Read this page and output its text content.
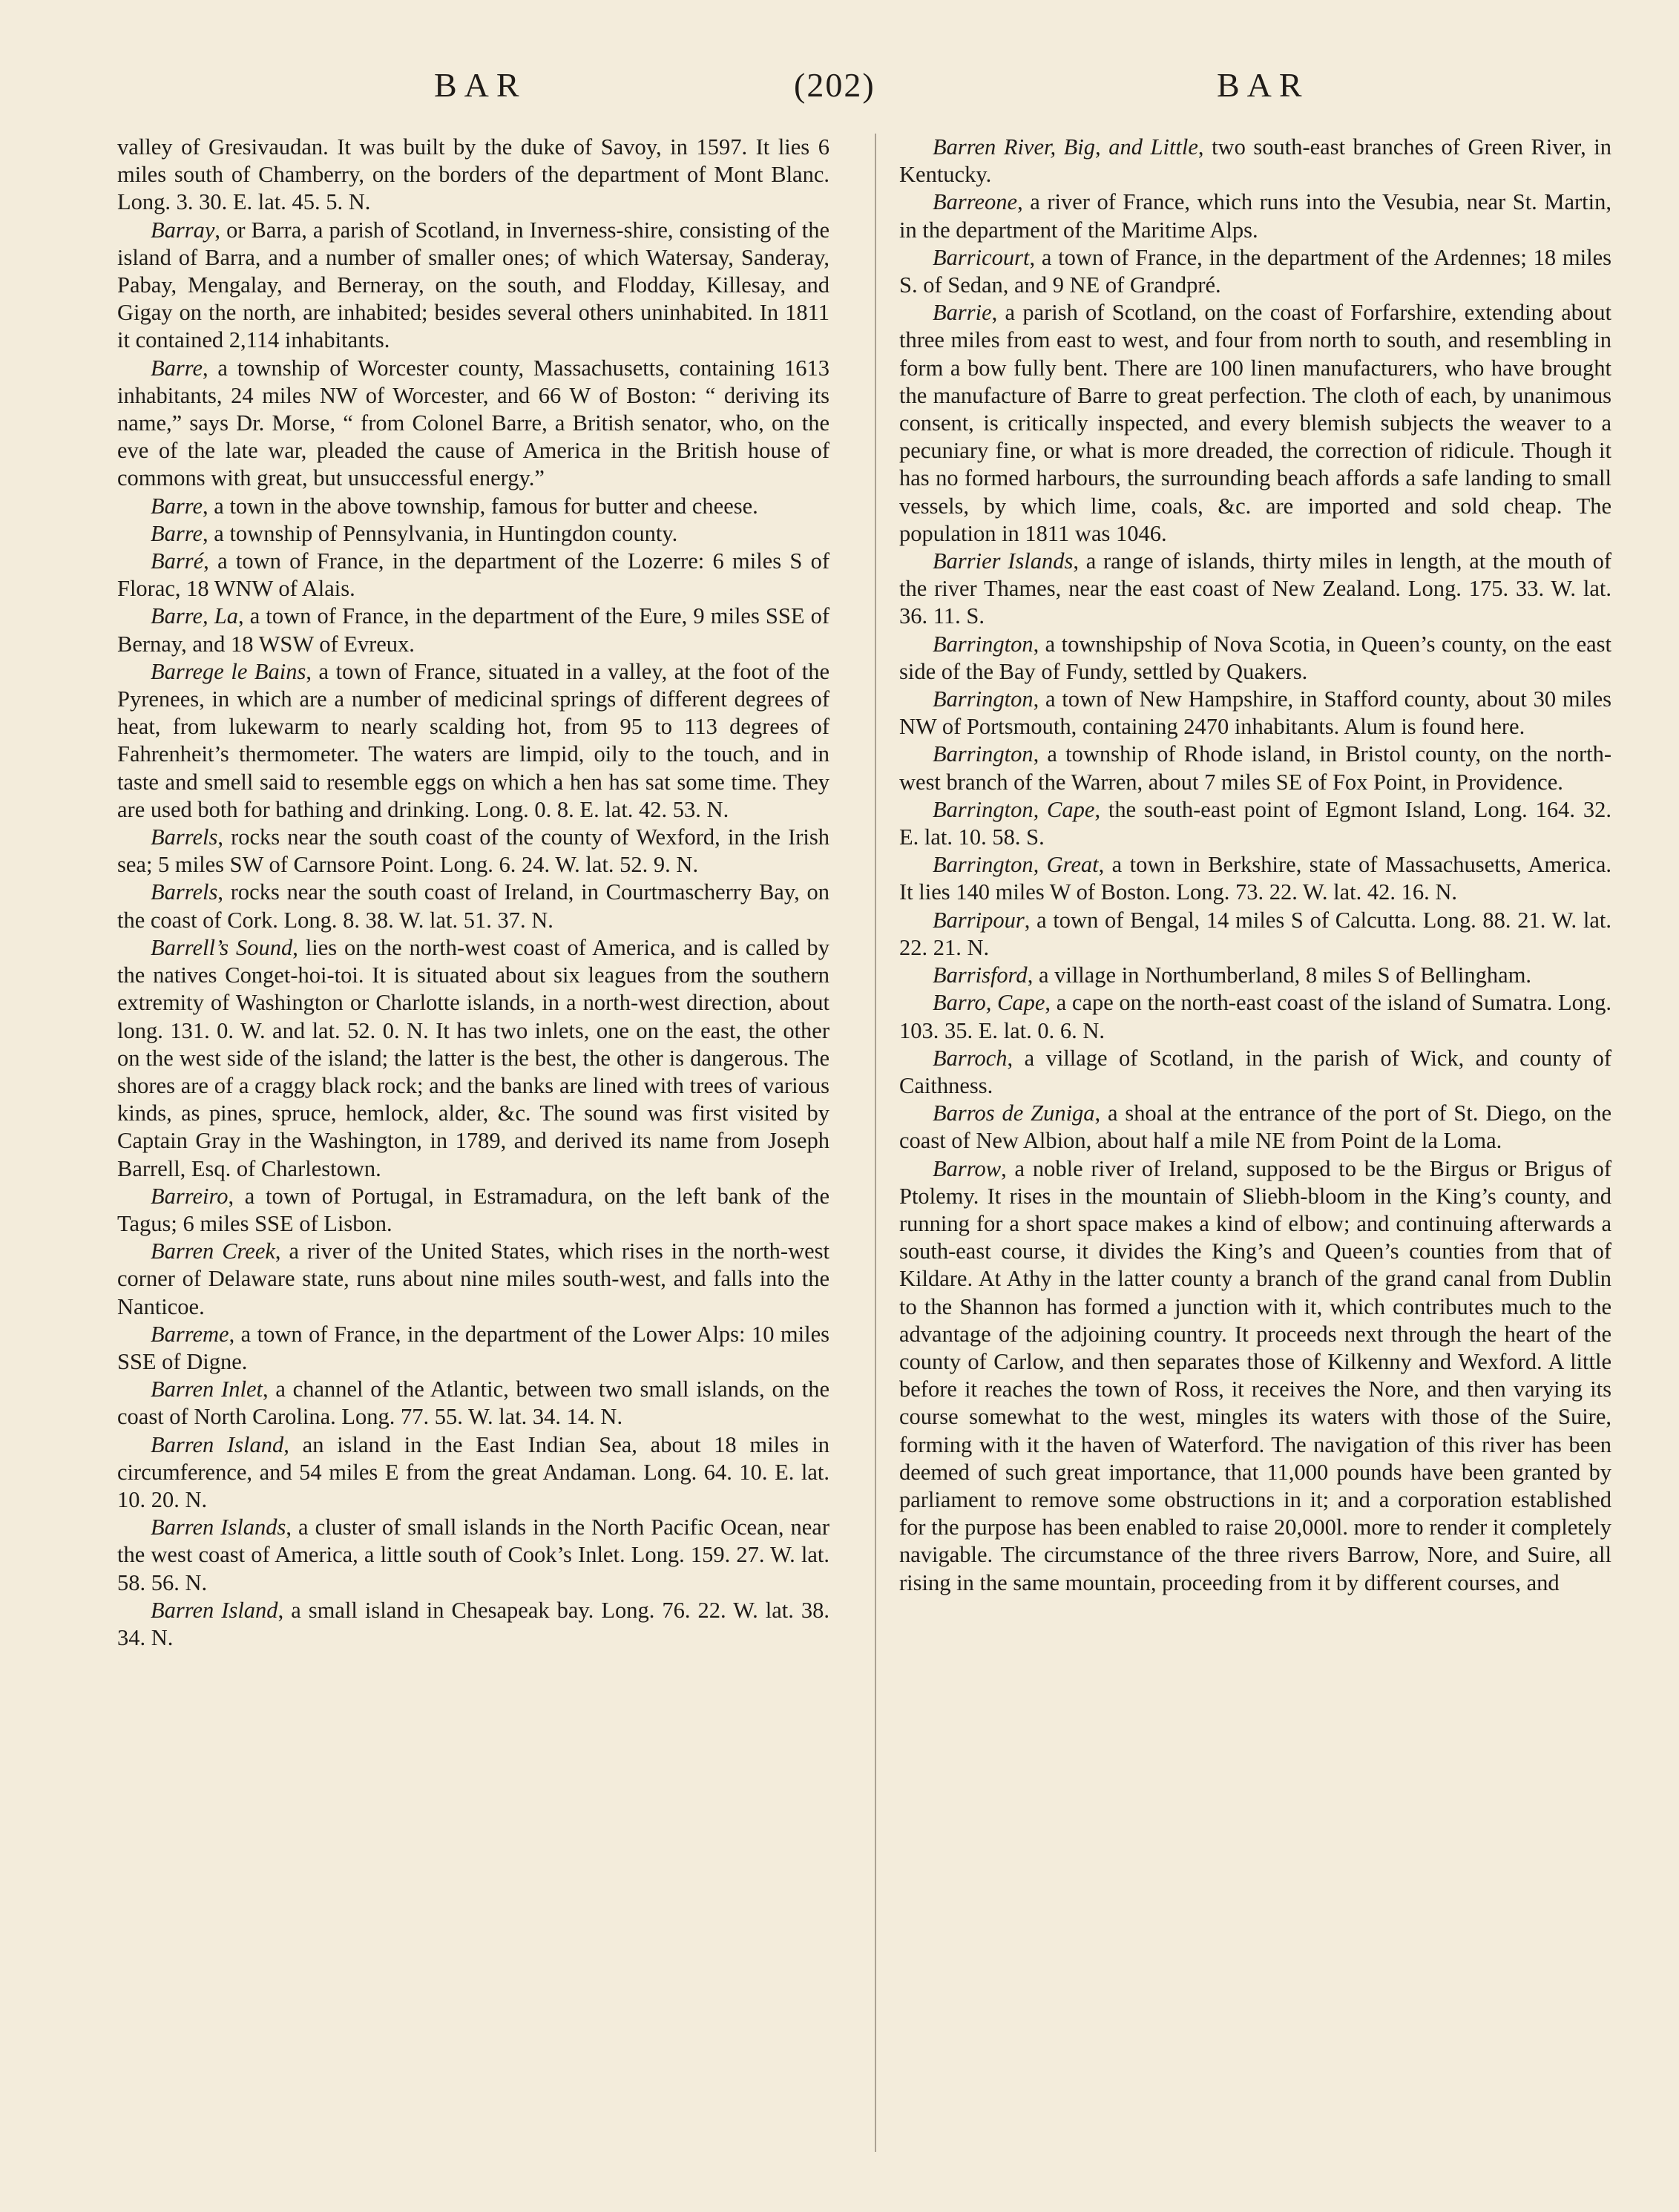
BAR	(202)	BAR

valley of Gresivaudan. It was built by the duke of Savoy, in 1597. It lies 6 miles south of Chamberry, on the borders of the department of Mont Blanc. Long. 3. 30. E. lat. 45. 5. N.

Barray, or Barra, a parish of Scotland, in Inverness-shire, consisting of the island of Barra, and a number of smaller ones; of which Watersay, Sanderay, Pabay, Mengalay, and Berneray, on the south, and Flodday, Killesay, and Gigay on the north, are inhabited; besides several others uninhabited. In 1811 it contained 2,114 inhabitants.

Barre, a township of Worcester county, Massachusetts, containing 1613 inhabitants, 24 miles NW of Worcester, and 66 W of Boston: “ deriving its name,” says Dr. Morse, “ from Colonel Barre, a British senator, who, on the eve of the late war, pleaded the cause of America in the British house of commons with great, but unsuccessful energy.”

Barre, a town in the above township, famous for butter and cheese.

Barre, a township of Pennsylvania, in Huntingdon county.

Barré, a town of France, in the department of the Lozerre: 6 miles S of Florac, 18 WNW of Alais.

Barre, La, a town of France, in the department of the Eure, 9 miles SSE of Bernay, and 18 WSW of Evreux.

Barrege le Bains, a town of France, situated in a valley, at the foot of the Pyrenees, in which are a number of medicinal springs of different degrees of heat, from lukewarm to nearly scalding hot, from 95 to 113 degrees of Fahrenheit’s thermometer. The waters are limpid, oily to the touch, and in taste and smell said to resemble eggs on which a hen has sat some time. They are used both for bathing and drinking. Long. 0. 8. E. lat. 42. 53. N.

Barrels, rocks near the south coast of the county of Wexford, in the Irish sea; 5 miles SW of Carnsore Point. Long. 6. 24. W. lat. 52. 9. N.

Barrels, rocks near the south coast of Ireland, in Courtmascherry Bay, on the coast of Cork. Long. 8. 38. W. lat. 51. 37. N.

Barrell’s Sound, lies on the north-west coast of America, and is called by the natives Conget-hoi-toi. It is situated about six leagues from the southern extremity of Washington or Charlotte islands, in a north-west direction, about long. 131. 0. W. and lat. 52. 0. N. It has two inlets, one on the east, the other on the west side of the island; the latter is the best, the other is dangerous. The shores are of a craggy black rock; and the banks are lined with trees of various kinds, as pines, spruce, hemlock, alder, &c. The sound was first visited by Captain Gray in the Washington, in 1789, and derived its name from Joseph Barrell, Esq. of Charlestown.

Barreiro, a town of Portugal, in Estramadura, on the left bank of the Tagus; 6 miles SSE of Lisbon.

Barren Creek, a river of the United States, which rises in the north-west corner of Delaware state, runs about nine miles south-west, and falls into the Nanticoe.

Barreme, a town of France, in the department of the Lower Alps: 10 miles SSE of Digne.

Barren Inlet, a channel of the Atlantic, between two small islands, on the coast of North Carolina. Long. 77. 55. W. lat. 34. 14. N.

Barren Island, an island in the East Indian Sea, about 18 miles in circumference, and 54 miles E from the great Andaman. Long. 64. 10. E. lat. 10. 20. N.

Barren Islands, a cluster of small islands in the North Pacific Ocean, near the west coast of America, a little south of Cook’s Inlet. Long. 159. 27. W. lat. 58. 56. N.

Barren Island, a small island in Chesapeak bay. Long. 76. 22. W. lat. 38. 34. N.

Barren River, Big, and Little, two south-east branches of Green River, in Kentucky.

Barreone, a river of France, which runs into the Vesubia, near St. Martin, in the department of the Maritime Alps.

Barricourt, a town of France, in the department of the Ardennes; 18 miles S. of Sedan, and 9 NE of Grandpré.

Barrie, a parish of Scotland, on the coast of Forfarshire, extending about three miles from east to west, and four from north to south, and resembling in form a bow fully bent. There are 100 linen manufacturers, who have brought the manufacture of Barre to great perfection. The cloth of each, by unanimous consent, is critically inspected, and every blemish subjects the weaver to a pecuniary fine, or what is more dreaded, the correction of ridicule. Though it has no formed harbours, the surrounding beach affords a safe landing to small vessels, by which lime, coals, &c. are imported and sold cheap. The population in 1811 was 1046.

Barrier Islands, a range of islands, thirty miles in length, at the mouth of the river Thames, near the east coast of New Zealand. Long. 175. 33. W. lat. 36. 11. S.

Barrington, a townshipship of Nova Scotia, in Queen’s county, on the east side of the Bay of Fundy, settled by Quakers.

Barrington, a town of New Hampshire, in Stafford county, about 30 miles NW of Portsmouth, containing 2470 inhabitants. Alum is found here.

Barrington, a township of Rhode island, in Bristol county, on the north-west branch of the Warren, about 7 miles SE of Fox Point, in Providence.

Barrington, Cape, the south-east point of Egmont Island, Long. 164. 32. E. lat. 10. 58. S.

Barrington, Great, a town in Berkshire, state of Massachusetts, America. It lies 140 miles W of Boston. Long. 73. 22. W. lat. 42. 16. N.

Barripour, a town of Bengal, 14 miles S of Calcutta. Long. 88. 21. W. lat. 22. 21. N.

Barrisford, a village in Northumberland, 8 miles S of Bellingham.

Barro, Cape, a cape on the north-east coast of the island of Sumatra. Long. 103. 35. E. lat. 0. 6. N.

Barroch, a village of Scotland, in the parish of Wick, and county of Caithness.

Barros de Zuniga, a shoal at the entrance of the port of St. Diego, on the coast of New Albion, about half a mile NE from Point de la Loma.

Barrow, a noble river of Ireland, supposed to be the Birgus or Brigus of Ptolemy. It rises in the mountain of Sliebh-bloom in the King’s county, and running for a short space makes a kind of elbow; and continuing afterwards a south-east course, it divides the King’s and Queen’s counties from that of Kildare. At Athy in the latter county a branch of the grand canal from Dublin to the Shannon has formed a junction with it, which contributes much to the advantage of the adjoining country. It proceeds next through the heart of the county of Carlow, and then separates those of Kilkenny and Wexford. A little before it reaches the town of Ross, it receives the Nore, and then varying its course somewhat to the west, mingles its waters with those of the Suire, forming with it the haven of Waterford. The navigation of this river has been deemed of such great importance, that 11,000 pounds have been granted by parliament to remove some obstructions in it; and a corporation established for the purpose has been enabled to raise 20,000l. more to render it completely navigable. The circumstance of the three rivers Barrow, Nore, and Suire, all rising in the same mountain, proceeding from it by different courses, and
